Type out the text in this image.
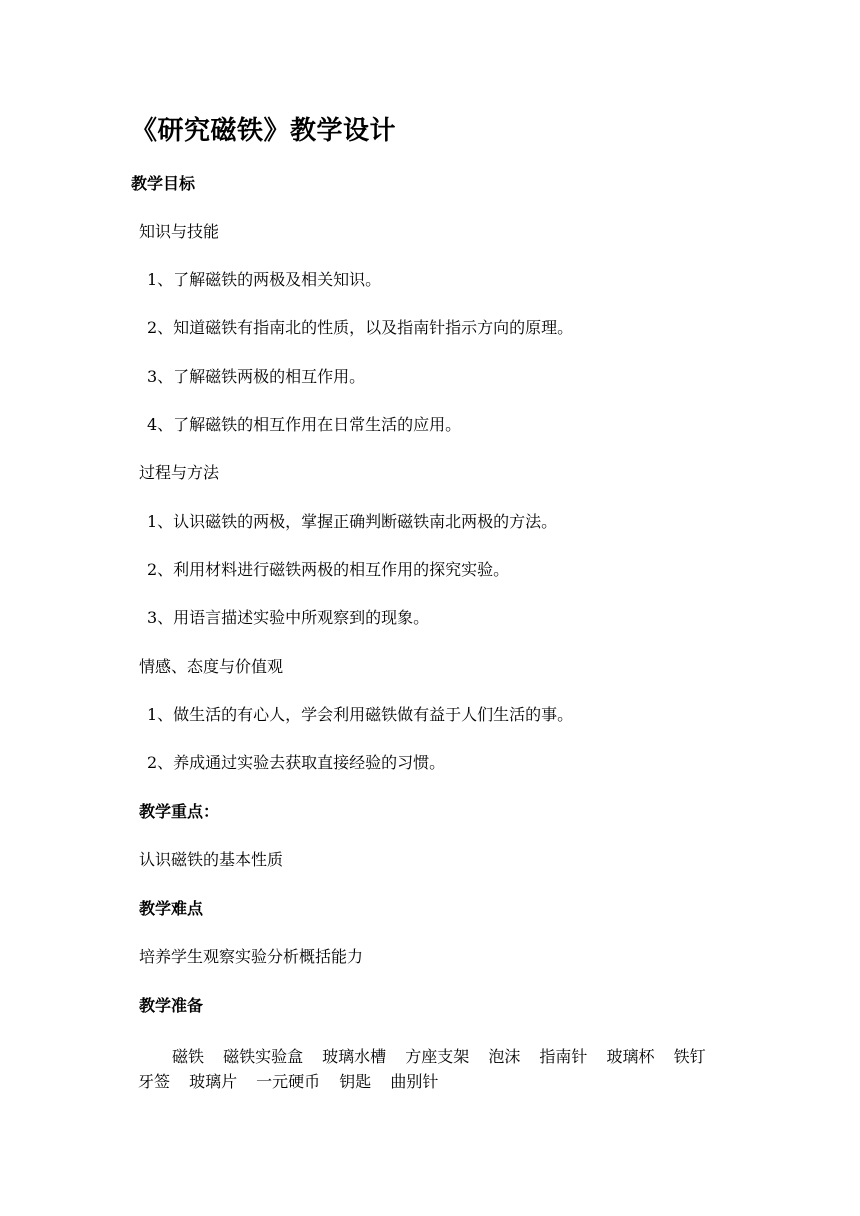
《研究磁铁》教学设计
教学目标
知识与技能
1、了解磁铁的两极及相关知识。
2、知道磁铁有指南北的性质，以及指南针指示方向的原理。
3、了解磁铁两极的相互作用。
4、了解磁铁的相互作用在日常生活的应用。
过程与方法
1、认识磁铁的两极，掌握正确判断磁铁南北两极的方法。
2、利用材料进行磁铁两极的相互作用的探究实验。
3、用语言描述实验中所观察到的现象。
情感、态度与价值观
1、做生活的有心人，学会利用磁铁做有益于人们生活的事。
2、养成通过实验去获取直接经验的习惯。
教学重点：
认识磁铁的基本性质
教学难点
培养学生观察实验分析概括能力
教学准备
磁铁 磁铁实验盒 玻璃水槽 方座支架 泡沫 指南针 玻璃杯 铁钉
牙签 玻璃片 一元硬币 钥匙 曲别针
